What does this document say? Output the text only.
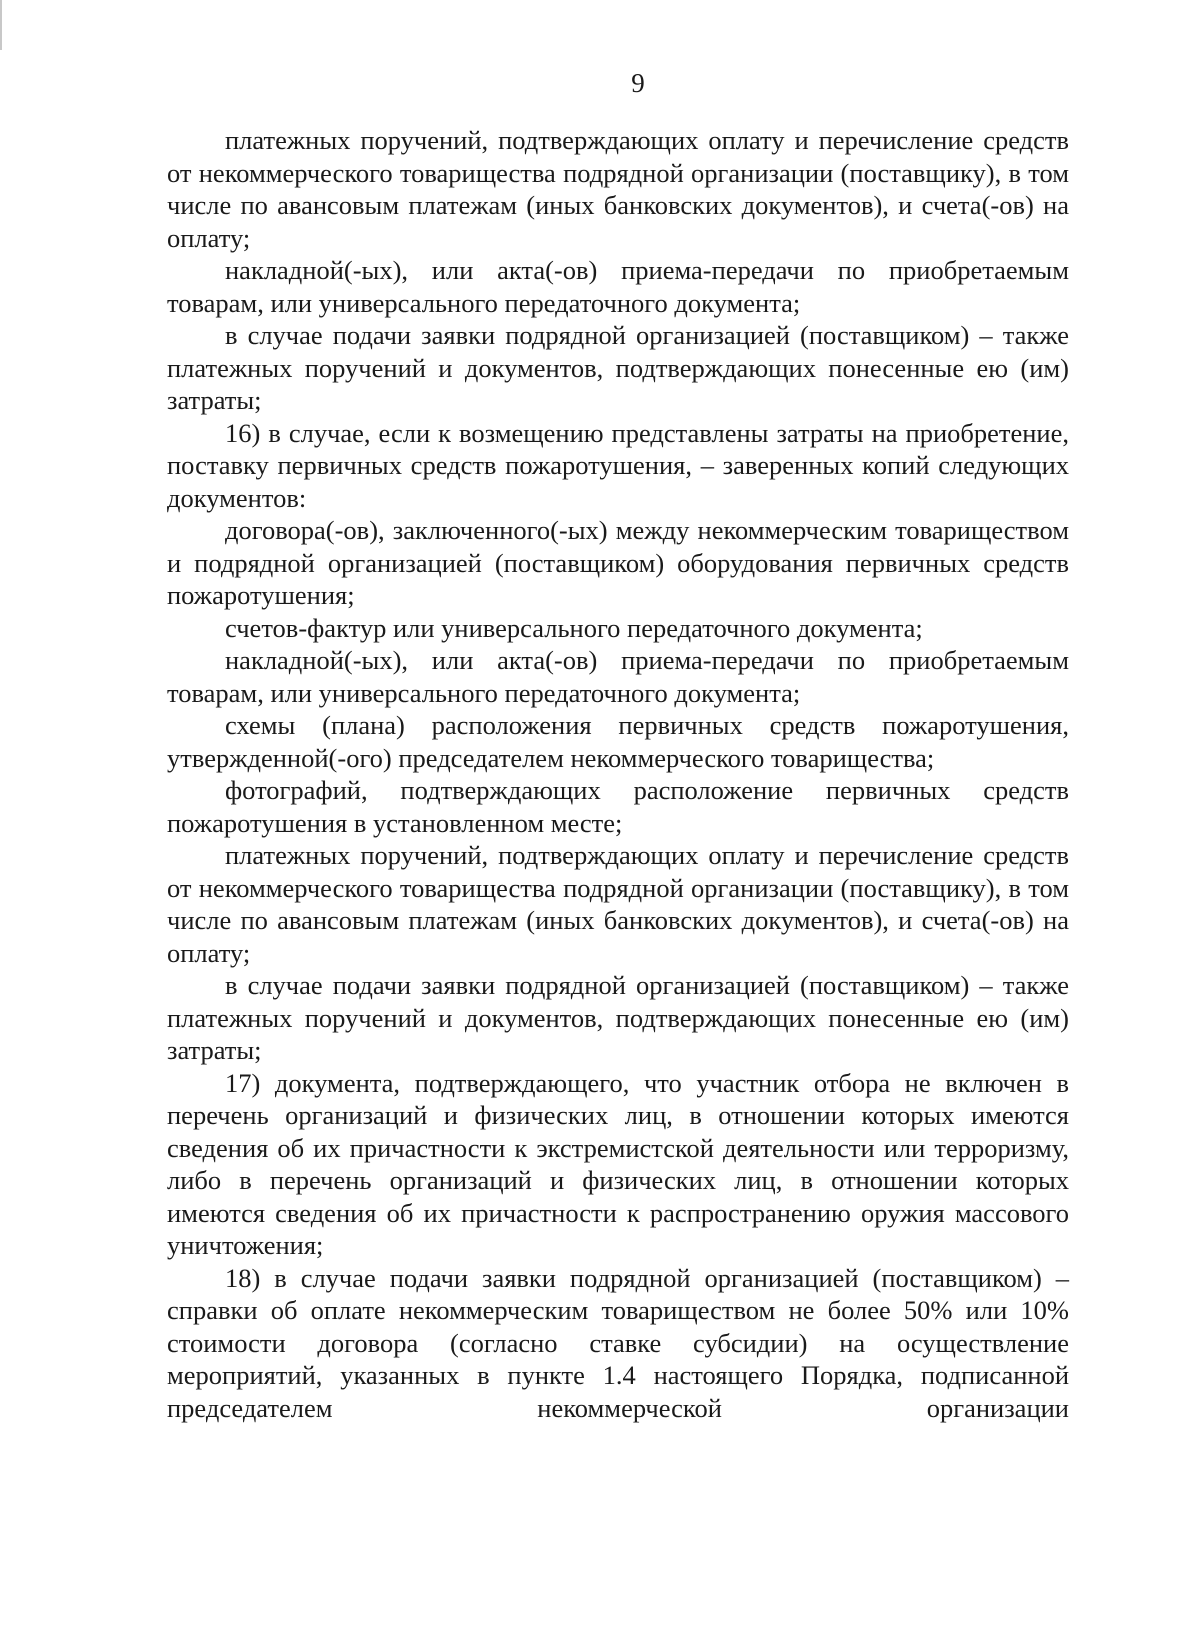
9

платежных поручений, подтверждающих оплату и перечисление средств от некоммерческого товарищества подрядной организации (поставщику), в том числе по авансовым платежам (иных банковских документов), и счета(-ов) на оплату;

накладной(-ых), или акта(-ов) приема-передачи по приобретаемым товарам, или универсального передаточного документа;

в случае подачи заявки подрядной организацией (поставщиком) – также платежных поручений и документов, подтверждающих понесенные ею (им) затраты;

16) в случае, если к возмещению представлены затраты на приобретение, поставку первичных средств пожаротушения, – заверенных копий следующих документов:

договора(-ов), заключенного(-ых) между некоммерческим товариществом и подрядной организацией (поставщиком) оборудования первичных средств пожаротушения;

счетов-фактур или универсального передаточного документа;

накладной(-ых), или акта(-ов) приема-передачи по приобретаемым товарам, или универсального передаточного документа;

схемы (плана) расположения первичных средств пожаротушения, утвержденной(-ого) председателем некоммерческого товарищества;

фотографий, подтверждающих расположение первичных средств пожаротушения в установленном месте;

платежных поручений, подтверждающих оплату и перечисление средств от некоммерческого товарищества подрядной организации (поставщику), в том числе по авансовым платежам (иных банковских документов), и счета(-ов) на оплату;

в случае подачи заявки подрядной организацией (поставщиком) – также платежных поручений и документов, подтверждающих понесенные ею (им) затраты;

17) документа, подтверждающего, что участник отбора не включен в перечень организаций и физических лиц, в отношении которых имеются сведения об их причастности к экстремистской деятельности или терроризму, либо в перечень организаций и физических лиц, в отношении которых имеются сведения об их причастности к распространению оружия массового уничтожения;

18) в случае подачи заявки подрядной организацией (поставщиком) – справки об оплате некоммерческим товариществом не более 50% или 10% стоимости договора (согласно ставке субсидии) на осуществление мероприятий, указанных в пункте 1.4 настоящего Порядка, подписанной председателем некоммерческой организации
